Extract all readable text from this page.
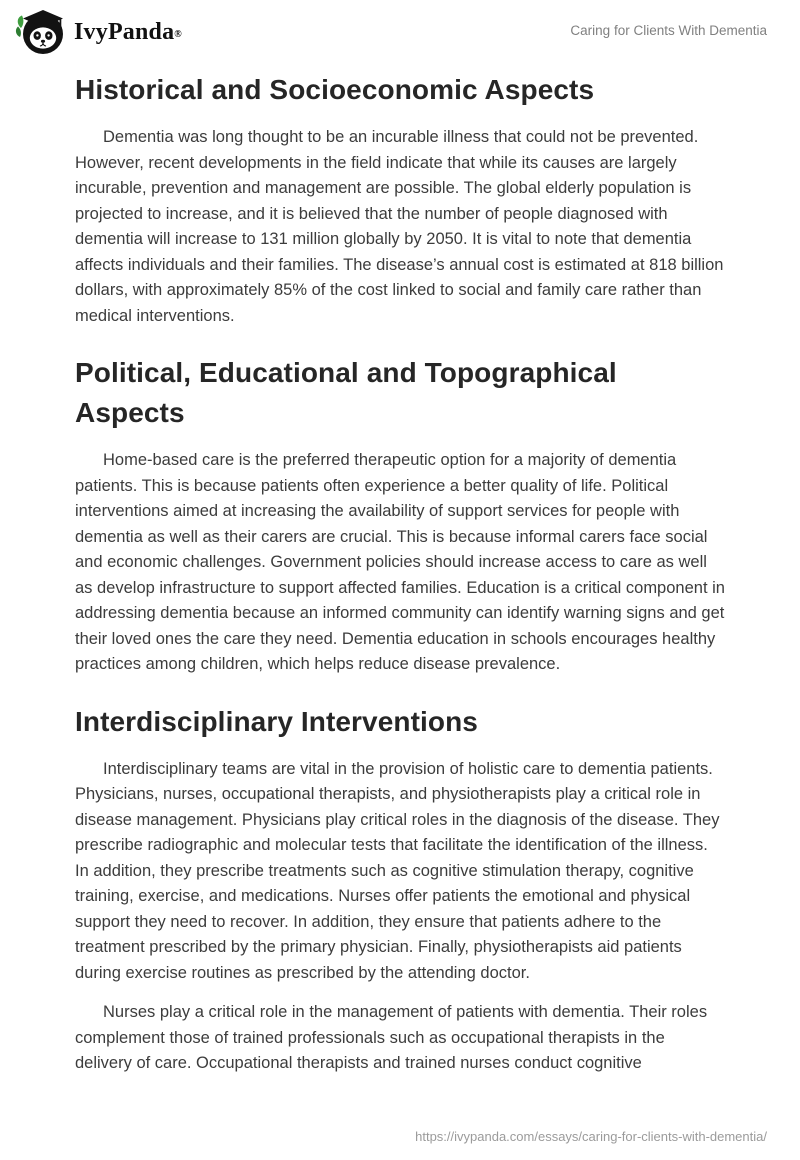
IvyPanda®	Caring for Clients With Dementia
Historical and Socioeconomic Aspects

Dementia was long thought to be an incurable illness that could not be prevented. However, recent developments in the field indicate that while its causes are largely incurable, prevention and management are possible. The global elderly population is projected to increase, and it is believed that the number of people diagnosed with dementia will increase to 131 million globally by 2050. It is vital to note that dementia affects individuals and their families. The disease’s annual cost is estimated at 818 billion dollars, with approximately 85% of the cost linked to social and family care rather than medical interventions.

Political, Educational and Topographical Aspects

Home-based care is the preferred therapeutic option for a majority of dementia patients. This is because patients often experience a better quality of life. Political interventions aimed at increasing the availability of support services for people with dementia as well as their carers are crucial. This is because informal carers face social and economic challenges. Government policies should increase access to care as well as develop infrastructure to support affected families. Education is a critical component in addressing dementia because an informed community can identify warning signs and get their loved ones the care they need. Dementia education in schools encourages healthy practices among children, which helps reduce disease prevalence.

Interdisciplinary Interventions

Interdisciplinary teams are vital in the provision of holistic care to dementia patients. Physicians, nurses, occupational therapists, and physiotherapists play a critical role in disease management. Physicians play critical roles in the diagnosis of the disease. They prescribe radiographic and molecular tests that facilitate the identification of the illness. In addition, they prescribe treatments such as cognitive stimulation therapy, cognitive training, exercise, and medications. Nurses offer patients the emotional and physical support they need to recover. In addition, they ensure that patients adhere to the treatment prescribed by the primary physician. Finally, physiotherapists aid patients during exercise routines as prescribed by the attending doctor.

Nurses play a critical role in the management of patients with dementia. Their roles complement those of trained professionals such as occupational therapists in the delivery of care. Occupational therapists and trained nurses conduct cognitive

https://ivypanda.com/essays/caring-for-clients-with-dementia/
